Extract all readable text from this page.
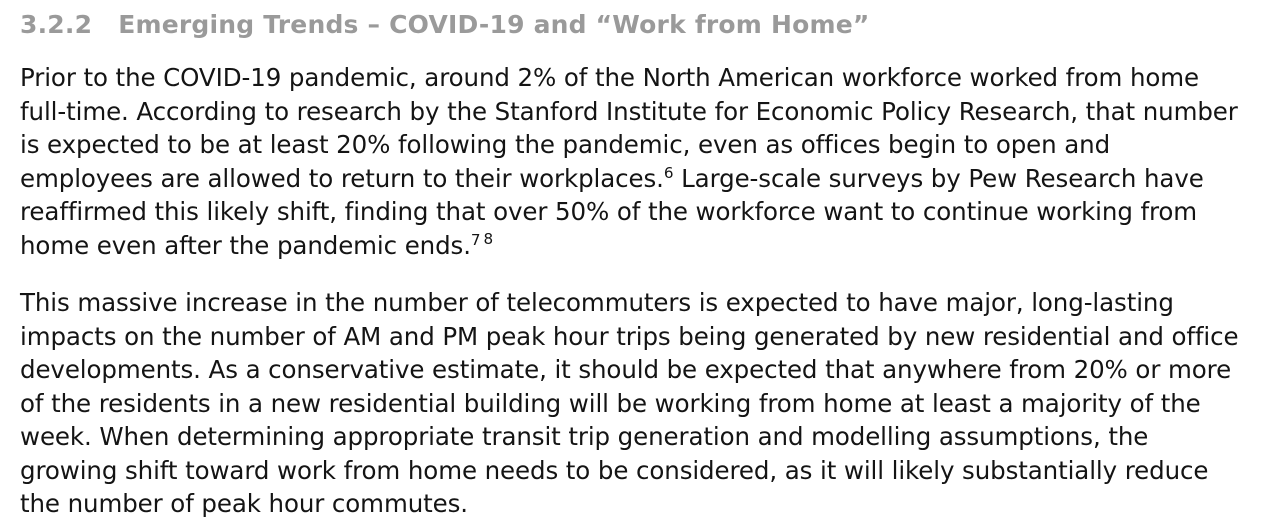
3.2.2 Emerging Trends – COVID-19 and “Work from Home”

Prior to the COVID-19 pandemic, around 2% of the North American workforce worked from home full-time. According to research by the Stanford Institute for Economic Policy Research, that number is expected to be at least 20% following the pandemic, even as offices begin to open and employees are allowed to return to their workplaces.$^6$ Large-scale surveys by Pew Research have reaffirmed this likely shift, finding that over 50% of the workforce want to continue working from home even after the pandemic ends.$^7$ $^8$

This massive increase in the number of telecommuters is expected to have major, long-lasting impacts on the number of AM and PM peak hour trips being generated by new residential and office developments. As a conservative estimate, it should be expected that anywhere from 20% or more of the residents in a new residential building will be working from home at least a majority of the week. When determining appropriate transit trip generation and modelling assumptions, the growing shift toward work from home needs to be considered, as it will likely substantially reduce the number of peak hour commutes.
